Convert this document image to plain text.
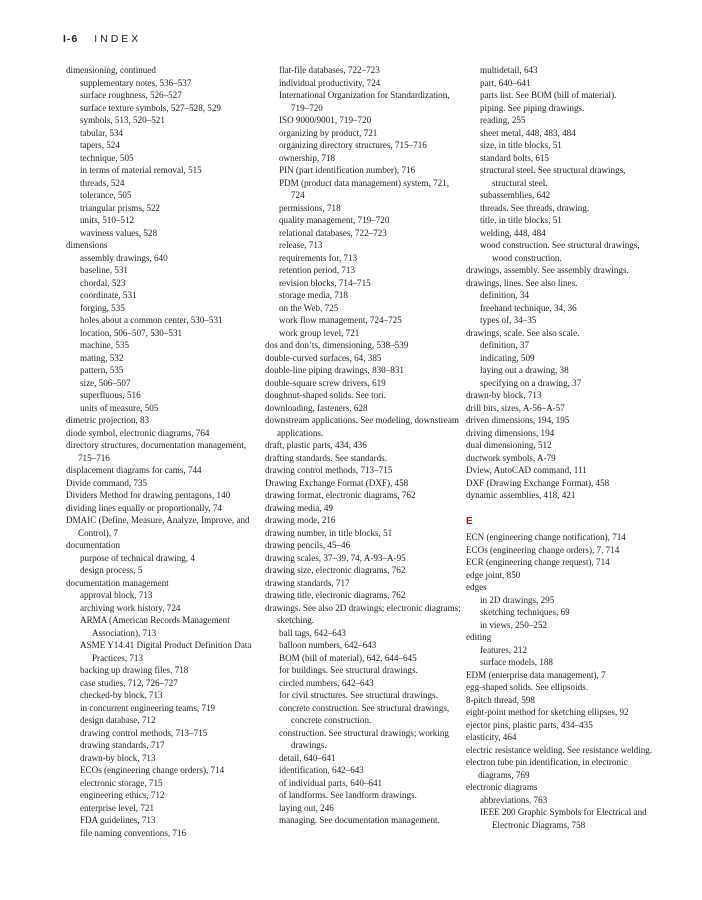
I-6 INDEX
dimensioning, continued
supplementary notes, 536–537
surface roughness, 526–527
surface texture symbols, 527–528, 529
symbols, 513, 520–521
tabular, 534
tapers, 524
technique, 505
in terms of material removal, 515
threads, 524
tolerance, 505
triangular prisms, 522
units, 510–512
waviness values, 528
dimensions
assembly drawings, 640
baseline, 531
chordal, 523
coordinate, 531
forging, 535
holes about a common center, 530–531
location, 506–507, 530–531
machine, 535
mating, 532
pattern, 535
size, 506–507
superfluous, 516
units of measure, 505
dimetric projection, 83
diode symbol, electronic diagrams, 764
directory structures, documentation management, 715–716
displacement diagrams for cams, 744
Divide command, 735
Dividers Method for drawing pentagons, 140
dividing lines equally or proportionally, 74
DMAIC (Define, Measure, Analyze, Improve, and Control), 7
documentation
purpose of technical drawing, 4
design process, 5
documentation management
approval block, 713
archiving work history, 724
ARMA (American Records Management Association), 713
ASME Y14.41 Digital Product Definition Data Practices, 713
backing up drawing files, 718
case studies, 712, 726–727
checked-by block, 713
in concurrent engineering teams, 719
design database, 712
drawing control methods, 713–715
drawing standards, 717
drawn-by block, 713
ECOs (engineering change orders), 714
electronic storage, 715
engineering ethics, 712
enterprise level, 721
FDA guidelines, 713
file naming conventions, 716
flat-file databases, 722–723
individual productivity, 724
International Organization for Standardization, 719–720
ISO 9000/9001, 719–720
organizing by product, 721
organizing directory structures, 715–716
ownership, 718
PIN (part identification number), 716
PDM (product data management) system, 721, 724
permissions, 718
quality management, 719–720
relational databases, 722–723
release, 713
requirements for, 713
retention period, 713
revision blocks, 714–715
storage media, 718
on the Web, 725
work flow management, 724–725
work group level, 721
dos and don’ts, dimensioning, 538–539
double-curved surfaces, 64, 385
double-line piping drawings, 830–831
double-square screw drivers, 619
doughnut-shaped solids. See tori.
downloading, fasteners, 628
downstream applications. See modeling, downstream applications.
draft, plastic parts, 434, 436
drafting standards. See standards.
drawing control methods, 713–715
Drawing Exchange Format (DXF), 458
drawing format, electronic diagrams, 762
drawing media, 49
drawing mode, 216
drawing number, in title blocks, 51
drawing pencils, 45–46
drawing scales, 37–39, 74, A-93–A-95
drawing size, electronic diagrams, 762
drawing standards, 717
drawing title, electronic diagrams, 762
drawings. See also 2D drawings; electronic diagrams; sketching.
ball tags, 642–643
balloon numbers, 642–643
BOM (bill of material), 642, 644–645
for buildings. See structural drawings.
circled numbers, 642–643
for civil structures. See structural drawings.
concrete construction. See structural drawings, concrete construction.
construction. See structural drawings; working drawings.
detail, 640–641
identification, 642–643
of individual parts, 640–641
of landforms. See landform drawings.
laying out, 246
managing. See documentation management.
multidetail, 643
part, 640–641
parts list. See BOM (bill of material).
piping. See piping drawings.
reading, 255
sheet metal, 448, 483, 484
size, in title blocks, 51
standard bolts, 615
structural steel. See structural drawings, structural steel.
subassemblies, 642
threads. See threads, drawing.
title, in title blocks, 51
welding, 448, 484
wood construction. See structural drawings, wood construction.
drawings, assembly. See assembly drawings.
drawings, lines. See also lines.
definition, 34
freehand technique, 34, 36
types of, 34–35
drawings, scale. See also scale.
definition, 37
indicating, 509
laying out a drawing, 38
specifying on a drawing, 37
drawn-by block, 713
drill bits, sizes, A-56–A-57
driven dimensions, 194, 195
driving dimensions, 194
dual dimensioning, 512
ductwork symbols, A-79
Dview, AutoCAD command, 111
DXF (Drawing Exchange Format), 458
dynamic assemblies, 418, 421
E
ECN (engineering change notification), 714
ECOs (engineering change orders), 7, 714
ECR (engineering change request), 714
edge joint, 850
edges
in 2D drawings, 295
sketching techniques, 69
in views, 250–252
editing
features, 212
surface models, 188
EDM (enterprise data management), 7
egg-shaped solids. See ellipsoids.
8-pitch thread, 598
eight-point method for sketching ellipses, 92
ejector pins, plastic parts, 434–435
elasticity, 464
electric resistance welding. See resistance welding.
electron tube pin identification, in electronic diagrams, 769
electronic diagrams
abbreviations, 763
IEEE 200 Graphic Symbols for Electrical and Electronic Diagrams, 758
